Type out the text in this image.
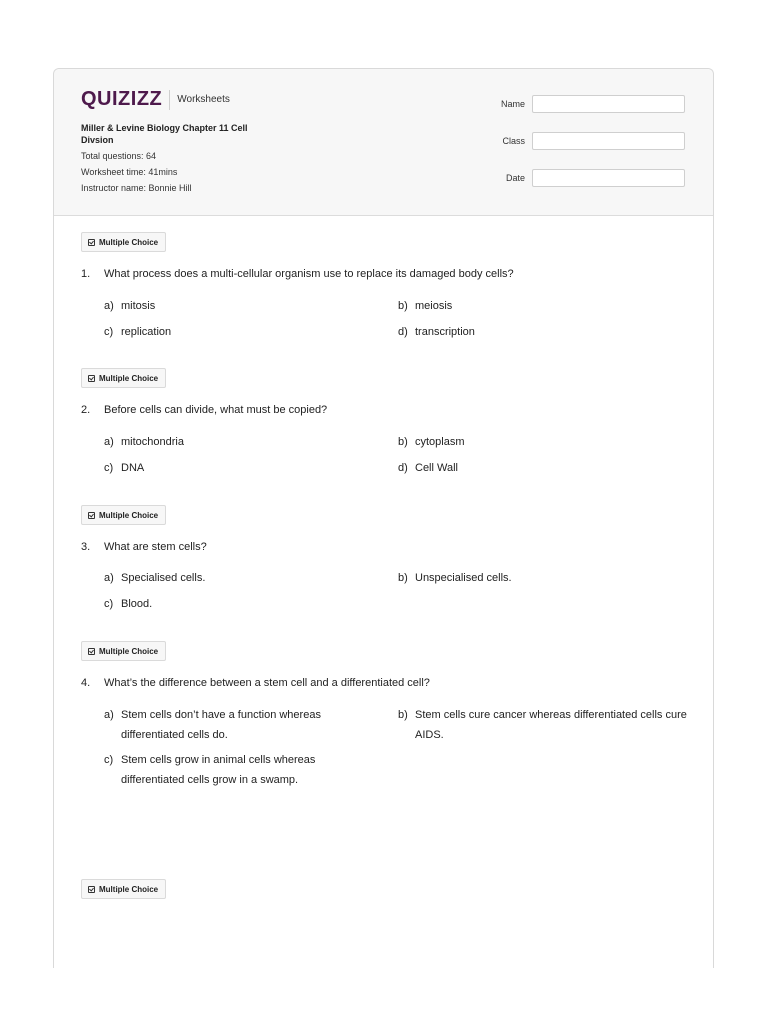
QUIZIZZ Worksheets
Miller & Levine Biology Chapter 11 Cell Divsion
Total questions: 64
Worksheet time: 41mins
Instructor name: Bonnie Hill
Name
Class
Date
Multiple Choice
1. What process does a multi-cellular organism use to replace its damaged body cells?
a) mitosis	b) meiosis
c) replication	d) transcription
Multiple Choice
2. Before cells can divide, what must be copied?
a) mitochondria	b) cytoplasm
c) DNA	d) Cell Wall
Multiple Choice
3. What are stem cells?
a) Specialised cells.	b) Unspecialised cells.
c) Blood.
Multiple Choice
4. What’s the difference between a stem cell and a differentiated cell?
a) Stem cells don’t have a function whereas differentiated cells do.
b) Stem cells cure cancer whereas differentiated cells cure AIDS.
c) Stem cells grow in animal cells whereas differentiated cells grow in a swamp.
Multiple Choice
